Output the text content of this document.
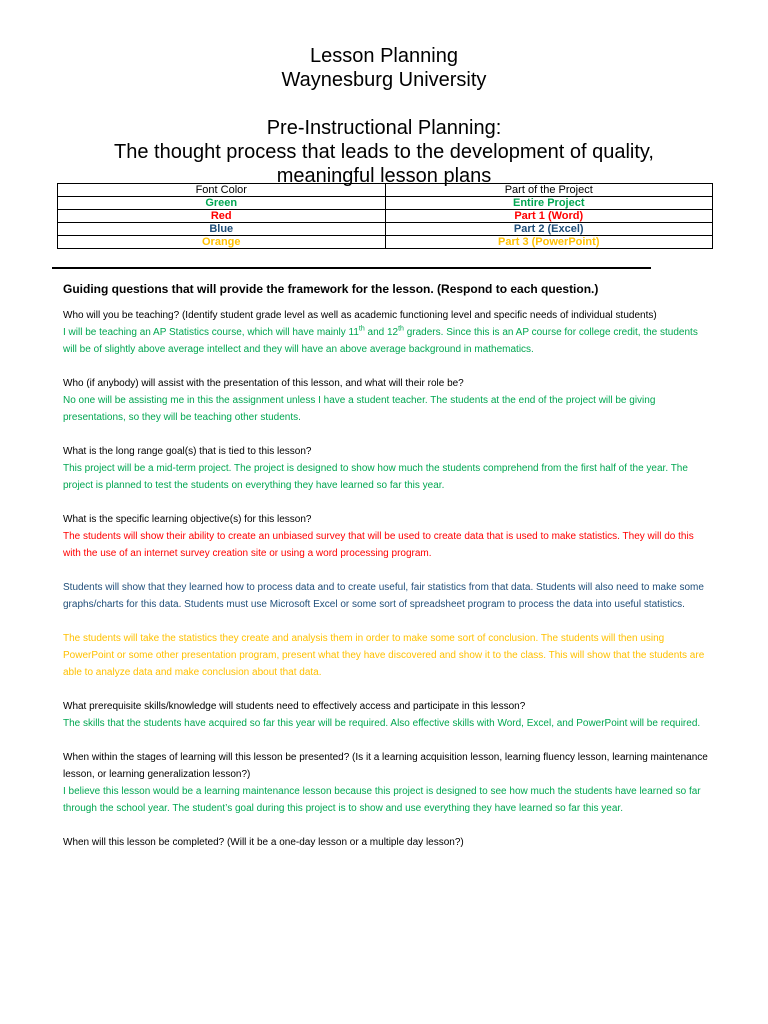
Lesson Planning

Waynesburg University

Pre-Instructional Planning:

The thought process that leads to the development of quality,

meaningful lesson plans

Font Color	Part of the Project
Green	Entire Project
Red	Part 1 (Word)
Blue	Part 2 (Excel)
Orange	Part 3 (PowerPoint)

Guiding questions that will provide the framework for the lesson. (Respond to each question.)

Who will you be teaching? (Identify student grade level as well as academic functioning level and specific needs of individual students)

I will be teaching an AP Statistics course, which will have mainly 11th and 12th graders. Since this is an AP course for college credit, the students will be of slightly above average intellect and they will have an above average background in mathematics.

Who (if anybody) will assist with the presentation of this lesson, and what will their role be?

No one will be assisting me in this the assignment unless I have a student teacher. The students at the end of the project will be giving presentations, so they will be teaching other students.

What is the long range goal(s) that is tied to this lesson?

This project will be a mid-term project. The project is designed to show how much the students comprehend from the first half of the year. The project is planned to test the students on everything they have learned so far this year.

What is the specific learning objective(s) for this lesson?

The students will show their ability to create an unbiased survey that will be used to create data that is used to make statistics. They will do this with the use of an internet survey creation site or using a word processing program.

Students will show that they learned how to process data and to create useful, fair statistics from that data. Students will also need to make some graphs/charts for this data. Students must use Microsoft Excel or some sort of spreadsheet program to process the data into useful statistics.

The students will take the statistics they create and analysis them in order to make some sort of conclusion. The students will then using PowerPoint or some other presentation program, present what they have discovered and show it to the class. This will show that the students are able to analyze data and make conclusion about that data.

What prerequisite skills/knowledge will students need to effectively access and participate in this lesson?

The skills that the students have acquired so far this year will be required. Also effective skills with Word, Excel, and PowerPoint will be required.

When within the stages of learning will this lesson be presented? (Is it a learning acquisition lesson, learning fluency lesson, learning maintenance lesson, or learning generalization lesson?)

I believe this lesson would be a learning maintenance lesson because this project is designed to see how much the students have learned so far through the school year. The student’s goal during this project is to show and use everything they have learned so far this year.

When will this lesson be completed? (Will it be a one-day lesson or a multiple day lesson?)
